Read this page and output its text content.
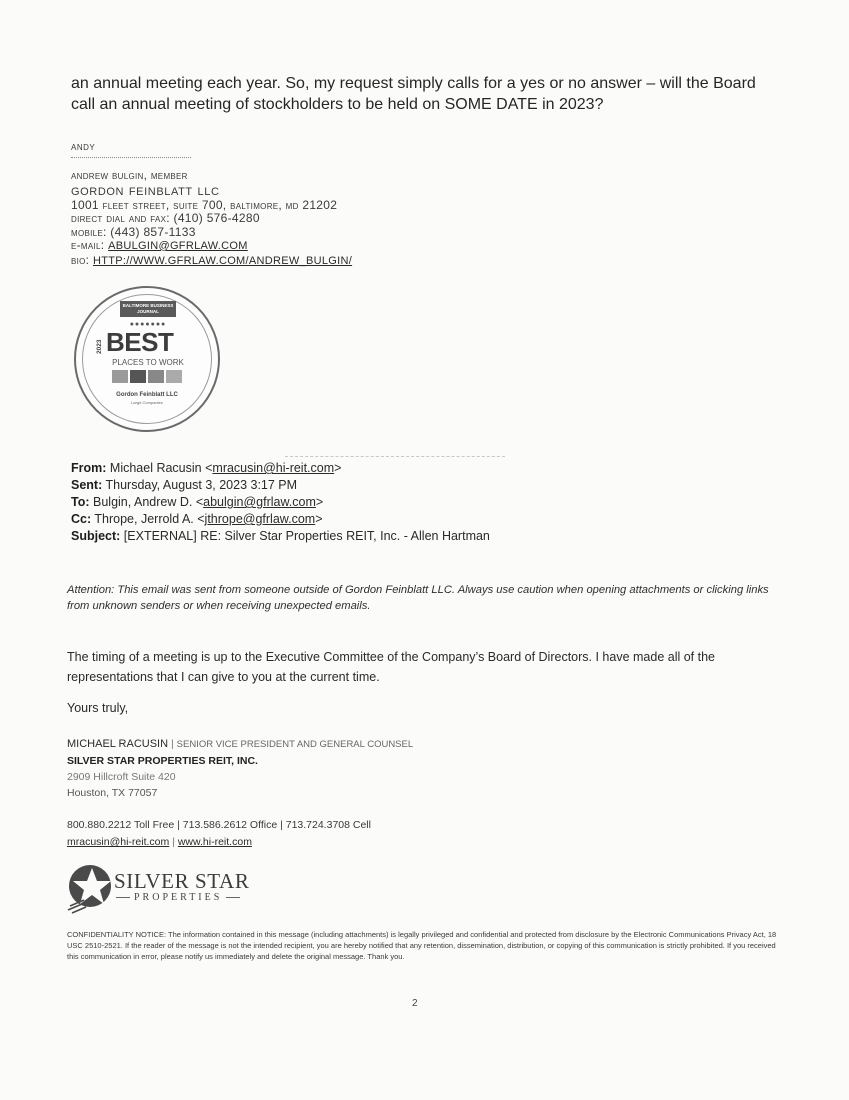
an annual meeting each year. So, my request simply calls for a yes or no answer – will the Board call an annual meeting of stockholders to be held on SOME DATE in 2023?
andy
andrew bulgin, member
gordon feinblatt llc
1001 fleet street, suite 700, baltimore, md 21202
direct dial and fax: (410) 576-4280
mobile: (443) 857-1133
e-mail: ABULGIN@GFRLAW.COM
bio: HTTP://WWW.GFRLAW.COM/ANDREW_BULGIN/
BALTIMORE BUSINESS JOURNAL
●●●●●●●
2023 BEST
PLACES TO WORK
Gordon Feinblatt LLC
Large Companies
From: Michael Racusin <mracusin@hi-reit.com>
Sent: Thursday, August 3, 2023 3:17 PM
To: Bulgin, Andrew D. <abulgin@gfrlaw.com>
Cc: Thrope, Jerrold A. <jthrope@gfrlaw.com>
Subject: [EXTERNAL] RE: Silver Star Properties REIT, Inc. - Allen Hartman
Attention: This email was sent from someone outside of Gordon Feinblatt LLC. Always use caution when opening attachments or clicking links from unknown senders or when receiving unexpected emails.
The timing of a meeting is up to the Executive Committee of the Company’s Board of Directors. I have made all of the representations that I can give to you at the current time.
Yours truly,
MICHAEL RACUSIN | SENIOR VICE PRESIDENT AND GENERAL COUNSEL
SILVER STAR PROPERTIES REIT, INC.
2909 Hillcroft Suite 420
Houston, TX 77057
800.880.2212 Toll Free | 713.586.2612 Office | 713.724.3708 Cell
mracusin@hi-reit.com | www.hi-reit.com
SILVER STAR
PROPERTIES
CONFIDENTIALITY NOTICE: The information contained in this message (including attachments) is legally privileged and confidential and protected from disclosure by the Electronic Communications Privacy Act, 18 USC 2510-2521. If the reader of the message is not the intended recipient, you are hereby notified that any retention, dissemination, distribution, or copying of this communication is strictly prohibited. If you received this communication in error, please notify us immediately and delete the original message. Thank you.
2
